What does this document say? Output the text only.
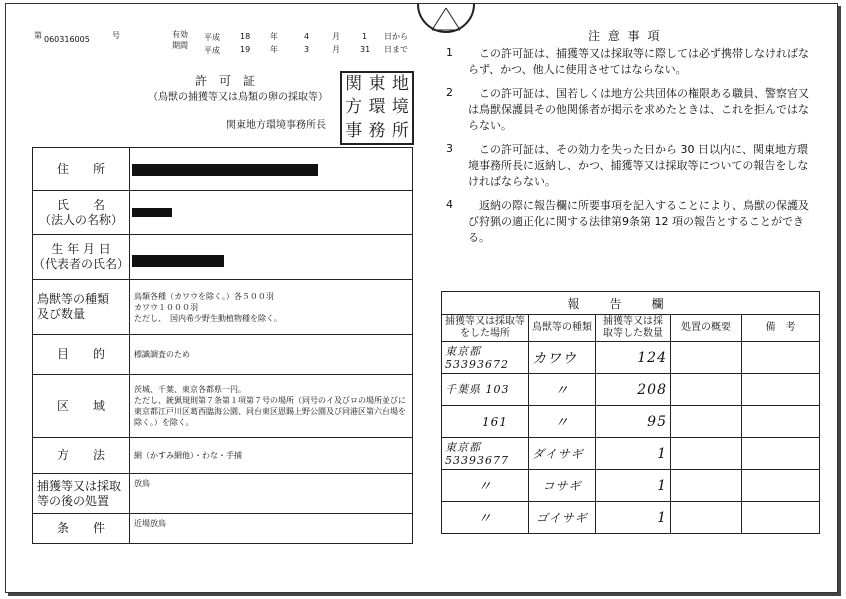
第 060316005	号	有効
期間
平成	18 年	4	月	1 日から
平成	19 年	3	月	31 日まで
許　可　証
（鳥獣の捕獲等又は鳥類の卵の採取等）
関東地方環境事務所長
関 東 地
方 環 境
事 務 所
住　　所	

氏　　名
（法人の名称）	

生 年 月 日
（代表者の氏名）	

鳥獣等の種類
及び数量	鳥類各種（カワウを除く。）各５００羽
カワウ１０００羽
ただし、　国内希少野生動植物種を除く。
目　　的	標識調査のため
区　　域	茨城、千葉、東京各都県一円。
ただし、銃猟規則第７条第１項第７号の場所（同号のイ及びロの場所並びに東京都江戸川区葛西臨海公園、同台東区恩賜上野公園及び同港区第六台場を除く。）を除く。
方　　法	網（かすみ網他）・わな・手捕
捕獲等又は採取
等の後の処置	放鳥
条　　件	近場放鳥
注 意 事 項
1	この許可証は、捕獲等又は採取等に際しては必ず携帯しなければならず、かつ、他人に使用させてはならない。

2	この許可証は、国若しくは地方公共団体の権限ある職員、警察官又は鳥獣保護員その他関係者が掲示を求めたときは、これを拒んではならない。

3	この許可証は、その効力を失った日から 30 日以内に、関東地方環境事務所長に返納し、かつ、捕獲等又は採取等についての報告をしなければならない。

4	返納の際に報告欄に所要事項を記入することにより、鳥獣の保護及び狩猟の適正化に関する法律第9条第 12 項の報告とすることができる。

報告欄				
捕獲等又は採取等をした場所	鳥獣等の種類	捕獲等又は採取等した数量	処置の概要	備　考
東京都 53393672	カワウ	124		
千葉県 103	〃	208		
161	〃	95		
東京都 53393677	ダイサギ	1		
〃	コサギ	1		
〃	ゴイサギ	1		
